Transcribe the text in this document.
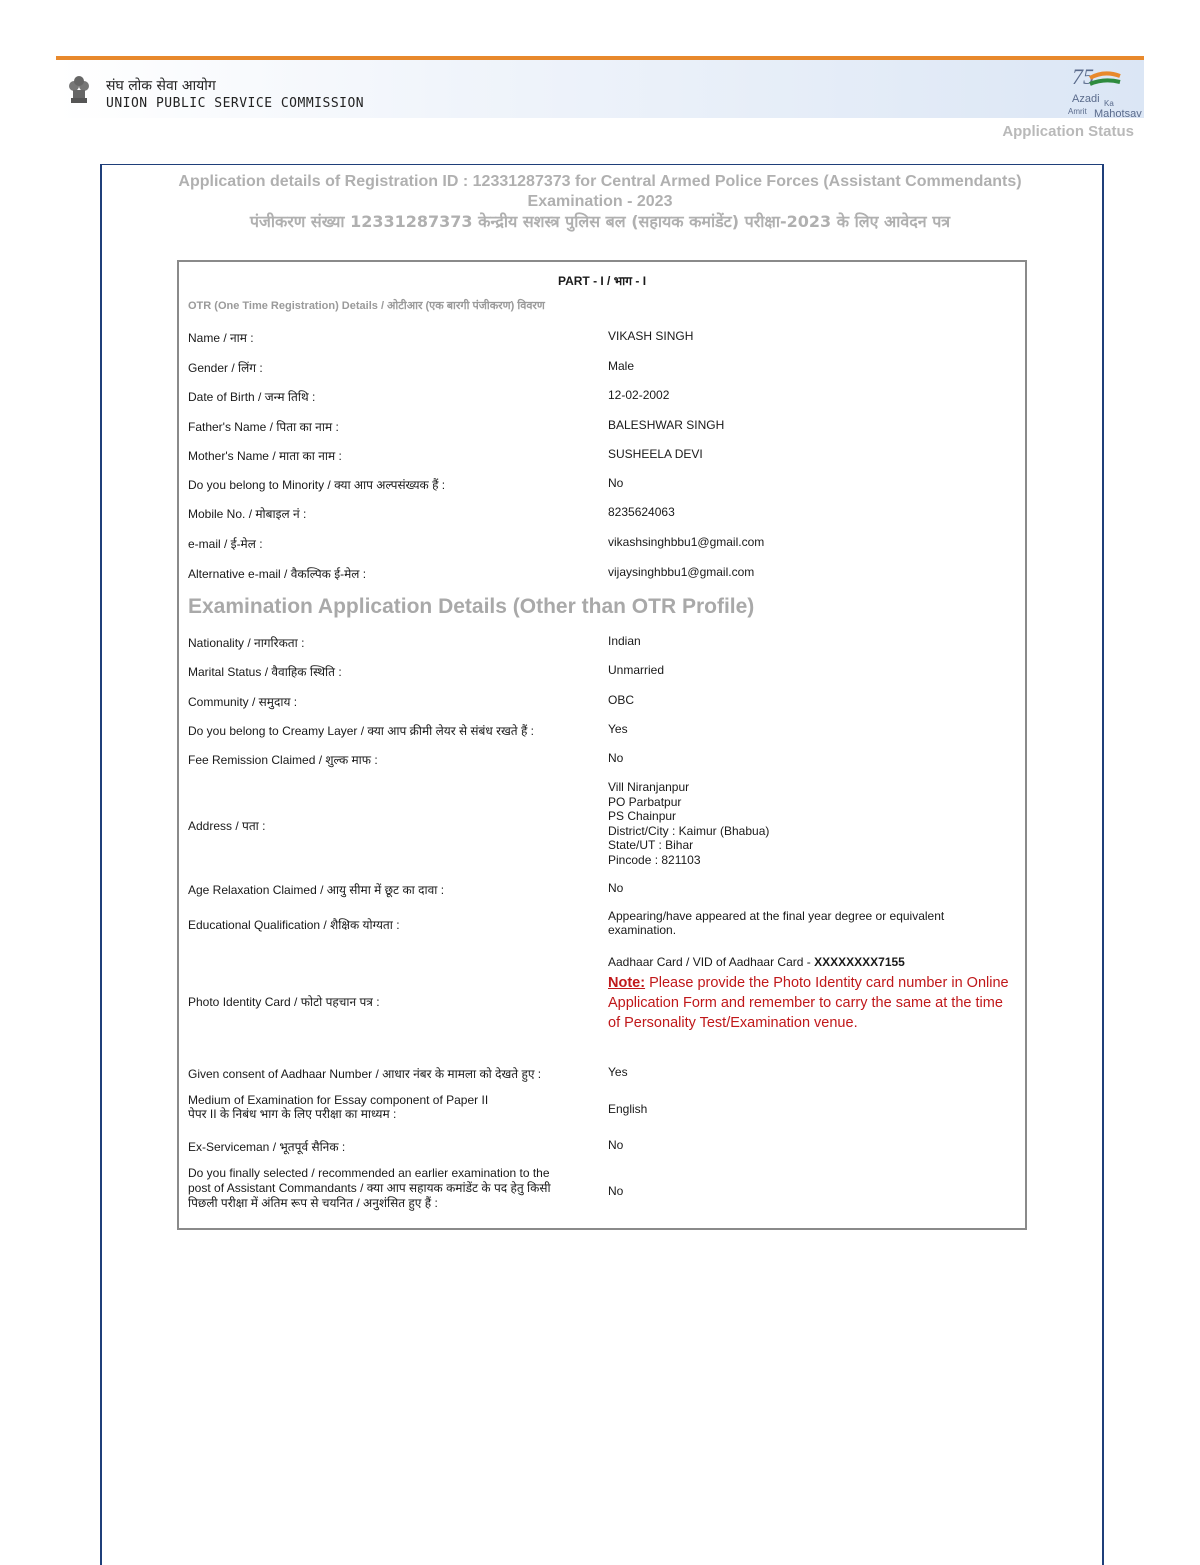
संघ लोक सेवा आयोग
UNION PUBLIC SERVICE COMMISSION
75
Azadi Ka
Amrit Mahotsav
Application Status
Application details of Registration ID : 12331287373 for Central Armed Police Forces (Assistant Commendants)
Examination - 2023
पंजीकरण संख्या 12331287373 केन्द्रीय सशस्त्र पुलिस बल (सहायक कमांडेंट) परीक्षा-2023 के लिए आवेदन पत्र
PART - I / भाग - I
OTR (One Time Registration) Details / ओटीआर (एक बारगी पंजीकरण) विवरण
Name / नाम :	VIKASH SINGH
Gender / लिंग :	Male
Date of Birth / जन्म तिथि :	12-02-2002
Father's Name / पिता का नाम :	BALESHWAR SINGH
Mother's Name / माता का नाम :	SUSHEELA DEVI
Do you belong to Minority / क्या आप अल्पसंख्यक हैं :	No
Mobile No. / मोबाइल नं :	8235624063
e-mail / ई-मेल :	vikashsinghbbu1@gmail.com
Alternative e-mail / वैकल्पिक ई-मेल :	vijaysinghbbu1@gmail.com
Examination Application Details (Other than OTR Profile)
Nationality / नागरिकता :	Indian
Marital Status / वैवाहिक स्थिति :	Unmarried
Community / समुदाय :	OBC
Do you belong to Creamy Layer / क्या आप क्रीमी लेयर से संबंध रखते हैं :	Yes
Fee Remission Claimed / शुल्क माफ :	No
Address / पता :
Vill Niranjanpur
PO Parbatpur
PS Chainpur
District/City : Kaimur (Bhabua)
State/UT : Bihar
Pincode : 821103
Age Relaxation Claimed / आयु सीमा में छूट का दावा :	No
Educational Qualification / शैक्षिक योग्यता :
Appearing/have appeared at the final year degree or equivalent examination.
Photo Identity Card / फोटो पहचान पत्र :
Aadhaar Card / VID of Aadhaar Card - XXXXXXXX7155
Note: Please provide the Photo Identity card number in Online Application Form and remember to carry the same at the time of Personality Test/Examination venue.
Given consent of Aadhaar Number / आधार नंबर के मामला को देखते हुए :	Yes
Medium of Examination for Essay component of Paper II
पेपर II के निबंध भाग के लिए परीक्षा का माध्यम :	English
Ex-Serviceman / भूतपूर्व सैनिक :	No
Do you finally selected / recommended an earlier examination to the
post of Assistant Commandants / क्या आप सहायक कमांडेंट के पद हेतु किसी
पिछली परीक्षा में अंतिम रूप से चयनित / अनुशंसित हुए हैं :
No
